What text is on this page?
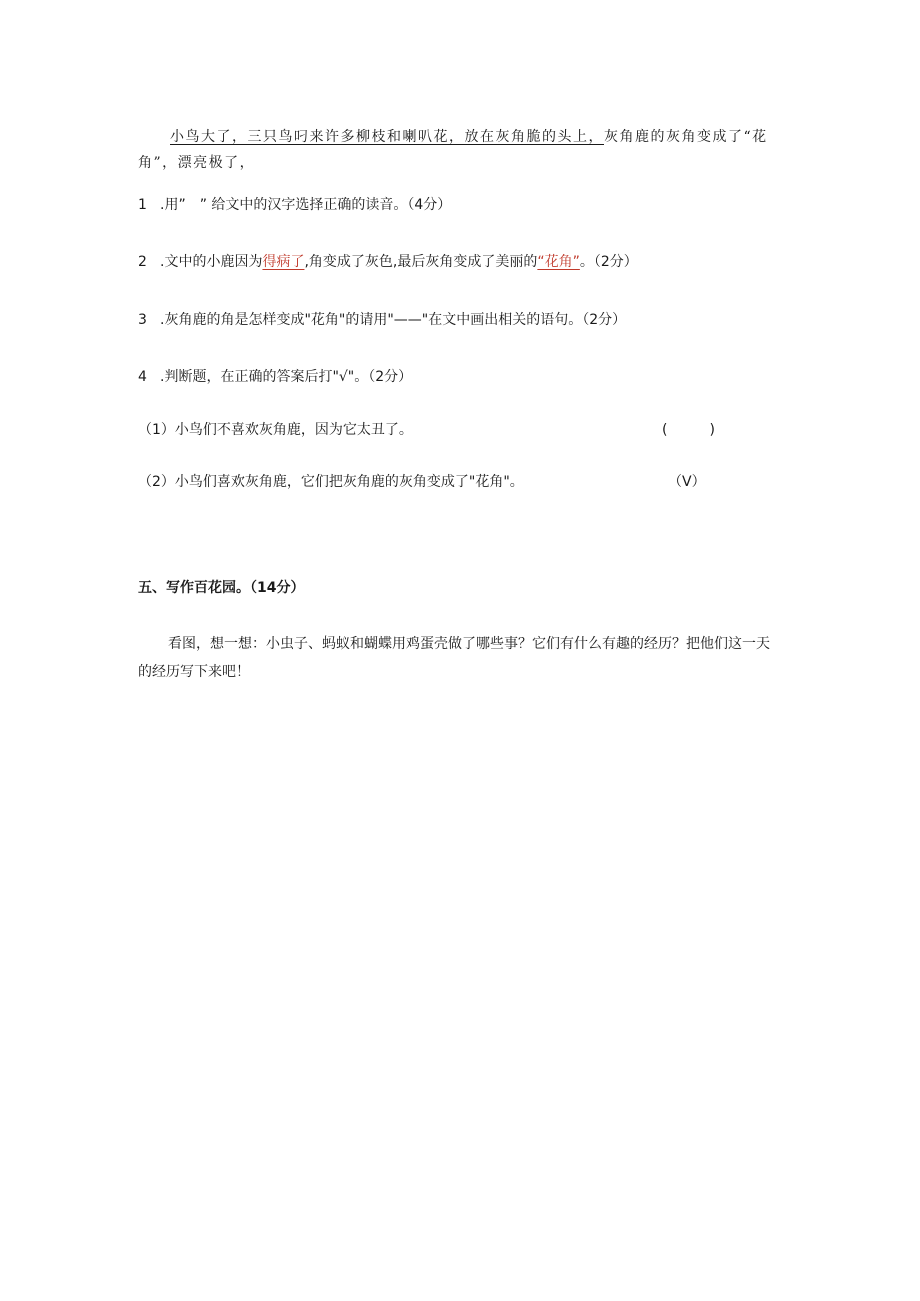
小鸟大了，三只鸟叼来许多柳枝和喇叭花，放在灰角脆的头上，灰角鹿的灰角变成了“花角”，漂亮极了，
1 .用”　” 给文中的汉字选择正确的读音。（4分）
2 .文中的小鹿因为得病了,角变成了灰色,最后灰角变成了美丽的“花角”。（2分）
3 .灰角鹿的角是怎样变成"花角"的请用"——"在文中画出相关的语句。（2分）
4 .判断题，在正确的答案后打"√"。（2分）
（1）小鸟们不喜欢灰角鹿，因为它太丑了。	(　　　)
（2）小鸟们喜欢灰角鹿，它们把灰角鹿的灰角变成了"花角"。	（V）
五、写作百花园。（14分）
看图，想一想：小虫子、蚂蚁和蝴蝶用鸡蛋壳做了哪些事？它们有什么有趣的经历？把他们这一天的经历写下来吧！
